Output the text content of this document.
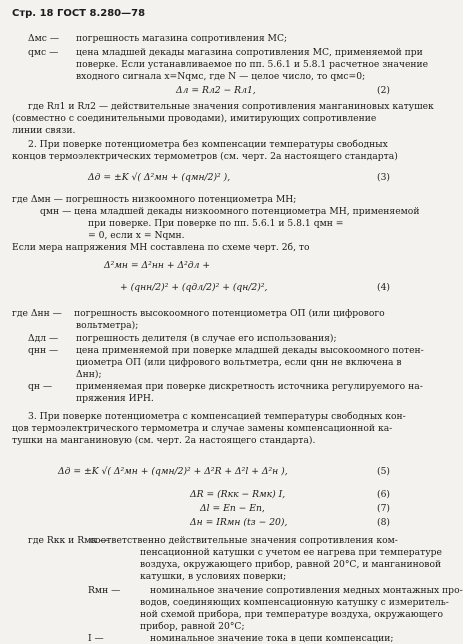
Стр. 18 ГОСТ 8.280—78
Δмс — погрешность магазина сопротивления МС;
qмс — цена младшей декады магазина сопротивления МС, применяемой при
поверке. Если устанавливаемое по пп. 5.6.1 и 5.8.1 расчетное значение
входного сигнала x=Nqмс, где N — целое число, то qмс=0;
Δл = Rл2 − Rл1,	(2)
где Rл1 и Rл2 — действительные значения сопротивления манганиновых катушек
(совместно с соединительными проводами), имитирующих сопротивление
линии связи.
2. При поверке потенциометра без компенсации температуры свободных
концов термоэлектрических термометров (см. черт. 2а настоящего стандарта)
Δд = ±K √( Δ²мн + (qмн/2)² ),	(3)
где Δмн — погрешность низкоомного потенциометра МН;
qмн — цена младшей декады низкоомного потенциометра МН, применяемой
при поверке. При поверке по пп. 5.6.1 и 5.8.1 qмн =
= 0, если x = Nqмн.
Если мера напряжения МН составлена по схеме черт. 2б, то
Δ²мн = Δ²нн + Δ²дл +
+ (qнн/2)² + (qдл/2)² + (qн/2)²,	(4)
где Δнн — погрешность высокоомного потенциометра ОП (или цифрового
вольтметра);
Δдл — погрешность делителя (в случае его использования);
qнн — цена применяемой при поверке младшей декады высокоомного потен-
циометра ОП (или цифрового вольтметра, если qнн не включена в
Δнн);
qн —	применяемая при поверке дискретность источника регулируемого на-
пряжения ИРН.
3. При поверке потенциометра с компенсацией температуры свободных кон-
цов термоэлектрического термометра и случае замены компенсационной ка-
тушки на манганиновую (см. черт. 2а настоящего стандарта).
Δд = ±K √( Δ²мн + (qмн/2)² + Δ²R + Δ²l + Δ²н ),	(5)
ΔR = (Rкк − Rмк) I,	(6)
Δl = En − En,	(7)
Δн = IRмн (tз − 20),	(8)
где Rкк и Rмк —соответственно действительные значения сопротивления ком-
пенсационной катушки с учетом ее нагрева при температуре
воздуха, окружающего прибор, равной 20°С, и манганиновой
катушки, в условиях поверки;
Rмн —	номинальное значение сопротивления медных монтажных про-
водов, соединяющих компенсационную катушку с измеритель-
ной схемой прибора, при температуре воздуха, окружающего
прибор, равной 20°С;
I —	номинальное значение тока в цепи компенсации;
